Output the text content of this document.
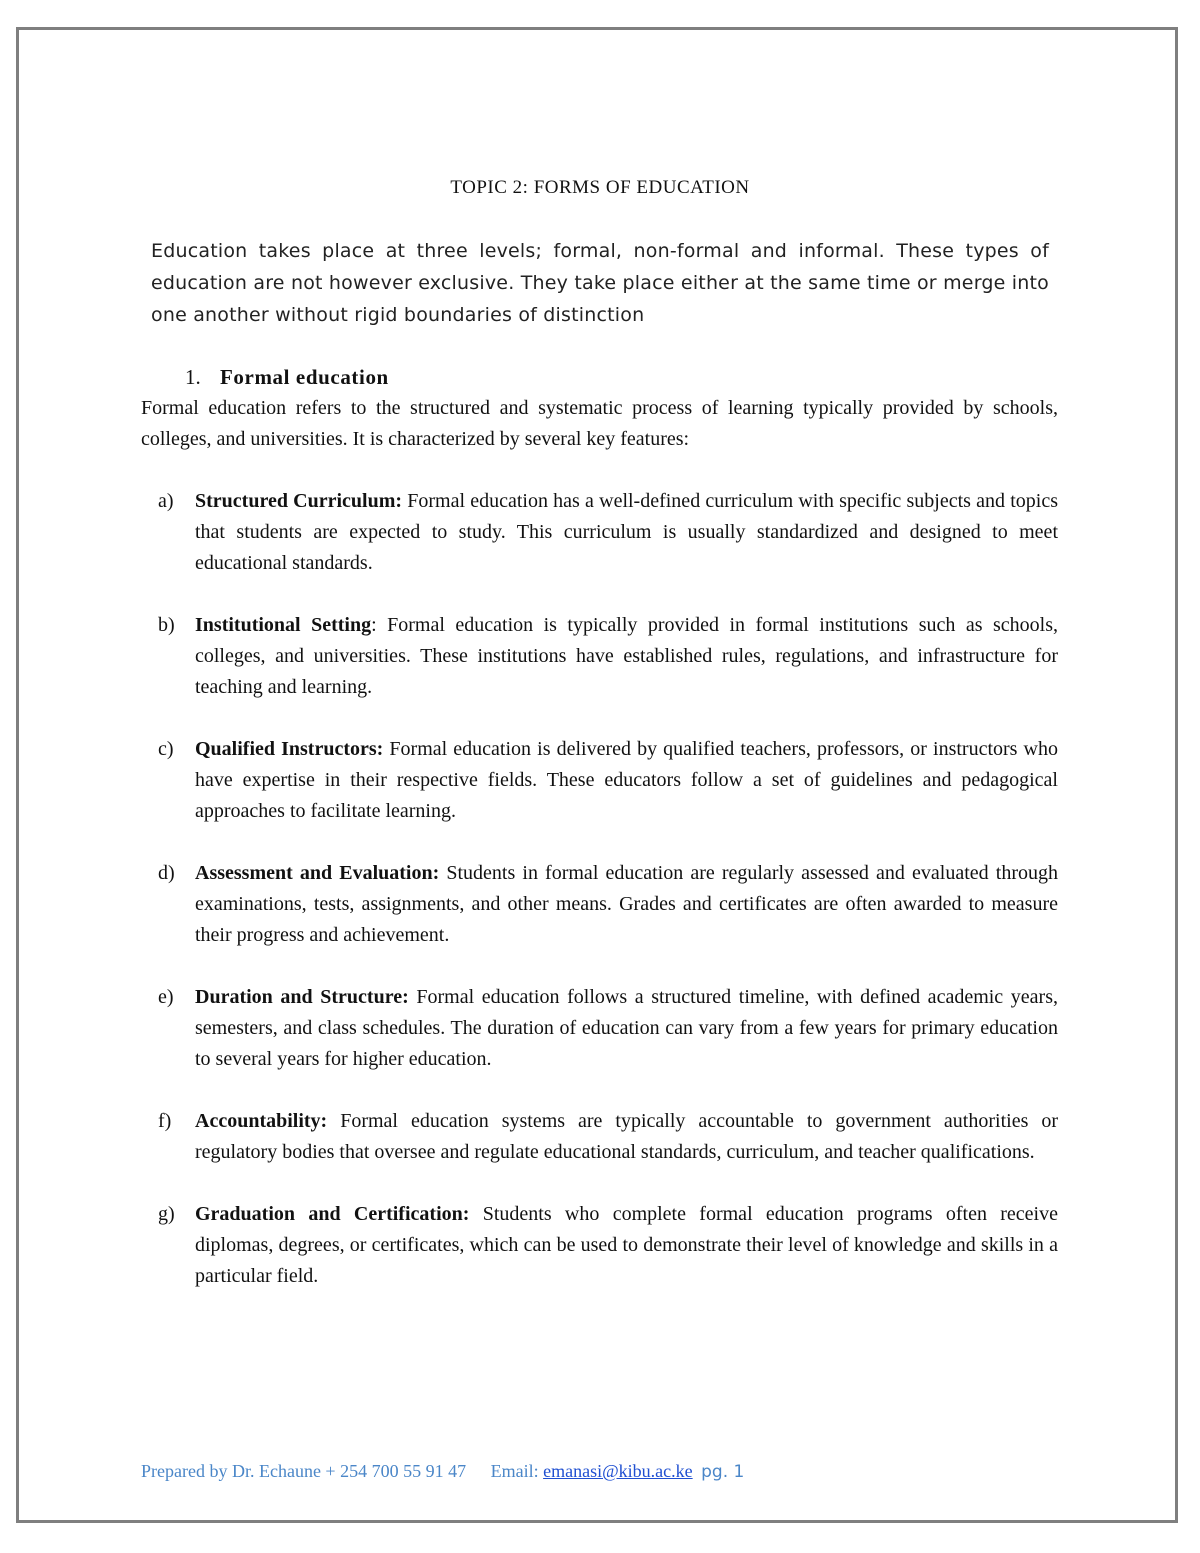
TOPIC 2: FORMS OF EDUCATION
Education takes place at three levels; formal, non-formal and informal. These types of education are not however exclusive. They take place either at the same time or merge into one another without rigid boundaries of distinction
1. Formal education
Formal education refers to the structured and systematic process of learning typically provided by schools, colleges, and universities. It is characterized by several key features:
a) Structured Curriculum: Formal education has a well-defined curriculum with specific subjects and topics that students are expected to study. This curriculum is usually standardized and designed to meet educational standards.
b) Institutional Setting: Formal education is typically provided in formal institutions such as schools, colleges, and universities. These institutions have established rules, regulations, and infrastructure for teaching and learning.
c) Qualified Instructors: Formal education is delivered by qualified teachers, professors, or instructors who have expertise in their respective fields. These educators follow a set of guidelines and pedagogical approaches to facilitate learning.
d) Assessment and Evaluation: Students in formal education are regularly assessed and evaluated through examinations, tests, assignments, and other means. Grades and certificates are often awarded to measure their progress and achievement.
e) Duration and Structure: Formal education follows a structured timeline, with defined academic years, semesters, and class schedules. The duration of education can vary from a few years for primary education to several years for higher education.
f) Accountability: Formal education systems are typically accountable to government authorities or regulatory bodies that oversee and regulate educational standards, curriculum, and teacher qualifications.
g) Graduation and Certification: Students who complete formal education programs often receive diplomas, degrees, or certificates, which can be used to demonstrate their level of knowledge and skills in a particular field.
Prepared by Dr. Echaune + 254 700 55 91 47 Email: emanasi@kibu.ac.ke pg. 1
